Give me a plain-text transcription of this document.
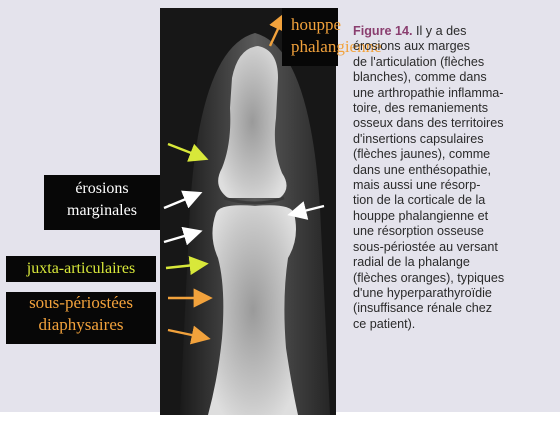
houppe
phalangienne
érosions
marginales
juxta-articulaires
sous-périostées
diaphysaires
Figure 14. Il y a des
érosions aux marges
de l'articulation (flèches
blanches), comme dans
une arthropathie inflamma-
toire, des remaniements
osseux dans des territoires
d'insertions capsulaires
(flèches jaunes), comme
dans une enthésopathie,
mais aussi une résorp-
tion de la corticale de la
houppe phalangienne et
une résorption osseuse
sous-périostée au versant
radial de la phalange
(flèches oranges), typiques
d'une hyperparathyroïdie
(insuffisance rénale chez
ce patient).
